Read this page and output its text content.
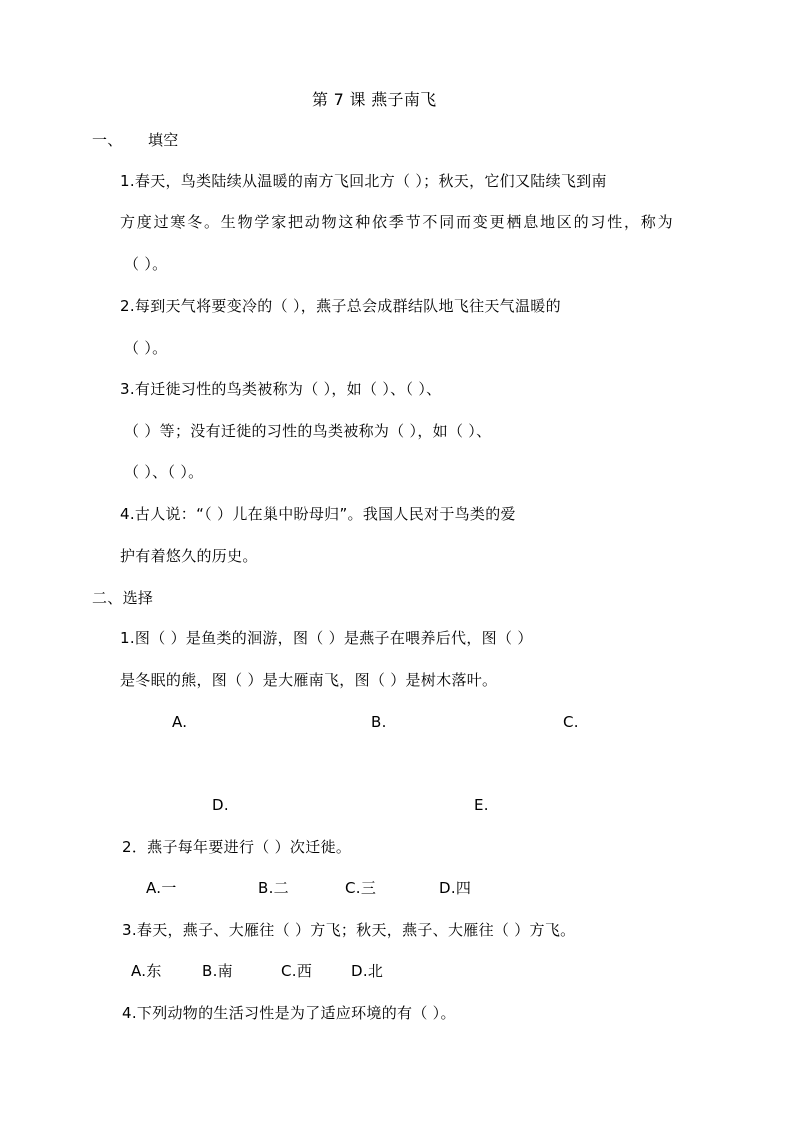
第 7 课 燕子南飞
一、 填空
1.春天，鸟类陆续从温暖的南方飞回北方（ ）；秋天，它们又陆续飞到南
方度过寒冬。生物学家把动物这种依季节不同而变更栖息地区的习性，称为
（ ）。
2.每到天气将要变冷的（ ），燕子总会成群结队地飞往天气温暖的
（ ）。
3.有迁徙习性的鸟类被称为（ ），如（ ）、（ ）、
（ ）等；没有迁徙的习性的鸟类被称为（ ），如（ ）、
（ ）、（ ）。
4.古人说：“（ ）儿在巢中盼母归”。我国人民对于鸟类的爱
护有着悠久的历史。
二、选择
1.图（ ）是鱼类的洄游，图（ ）是燕子在喂养后代，图（ ）
是冬眠的熊，图（ ）是大雁南飞，图（ ）是树木落叶。
A.	B.	C.
D.	E.
2．燕子每年要进行（ ）次迁徙。
A.一	B.二	C.三	D.四
3.春天，燕子、大雁往（ ）方飞；秋天，燕子、大雁往（ ）方飞。
A.东	B.南	C.西	D.北
4.下列动物的生活习性是为了适应环境的有（ ）。
